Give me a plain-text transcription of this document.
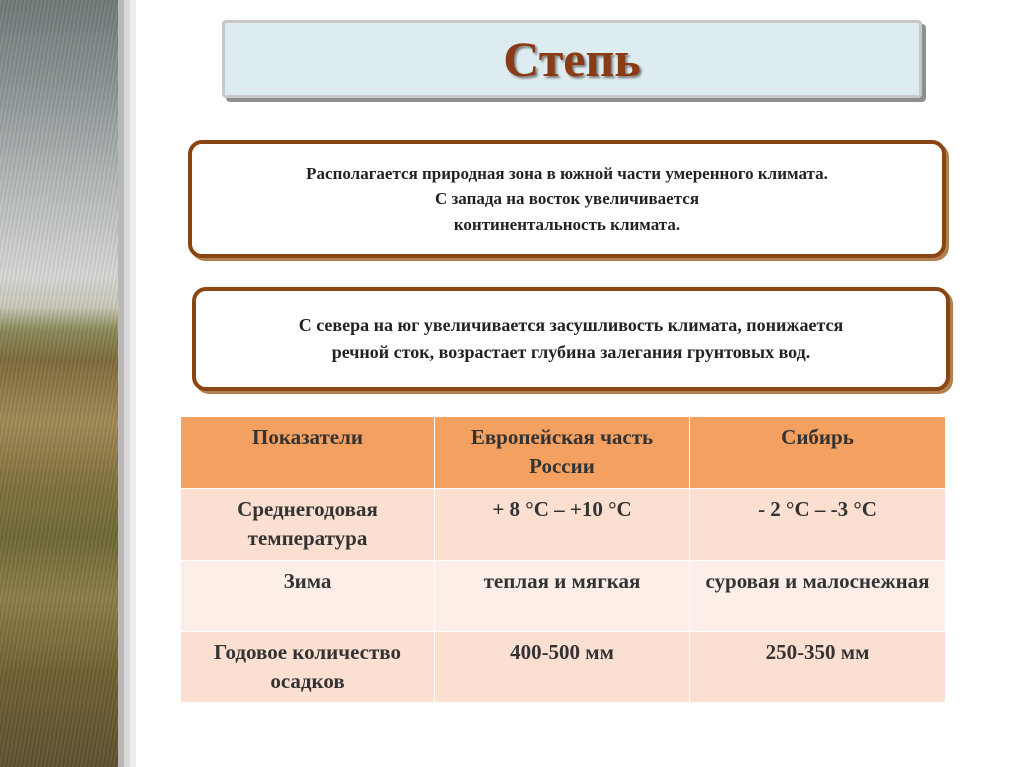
Степь
Располагается природная зона в южной части умеренного климата.
С запада на восток увеличивается
континентальность климата.
С севера на юг увеличивается засушливость климата, понижается
речной сток, возрастает глубина залегания грунтовых вод.
Показатели	Европейская часть России	Сибирь
Среднегодовая температура	+ 8 °С – +10 °С	- 2 °С – -3 °С
Зима	теплая и мягкая	суровая и малоснежная
Годовое количество осадков	400-500 мм	250-350 мм
